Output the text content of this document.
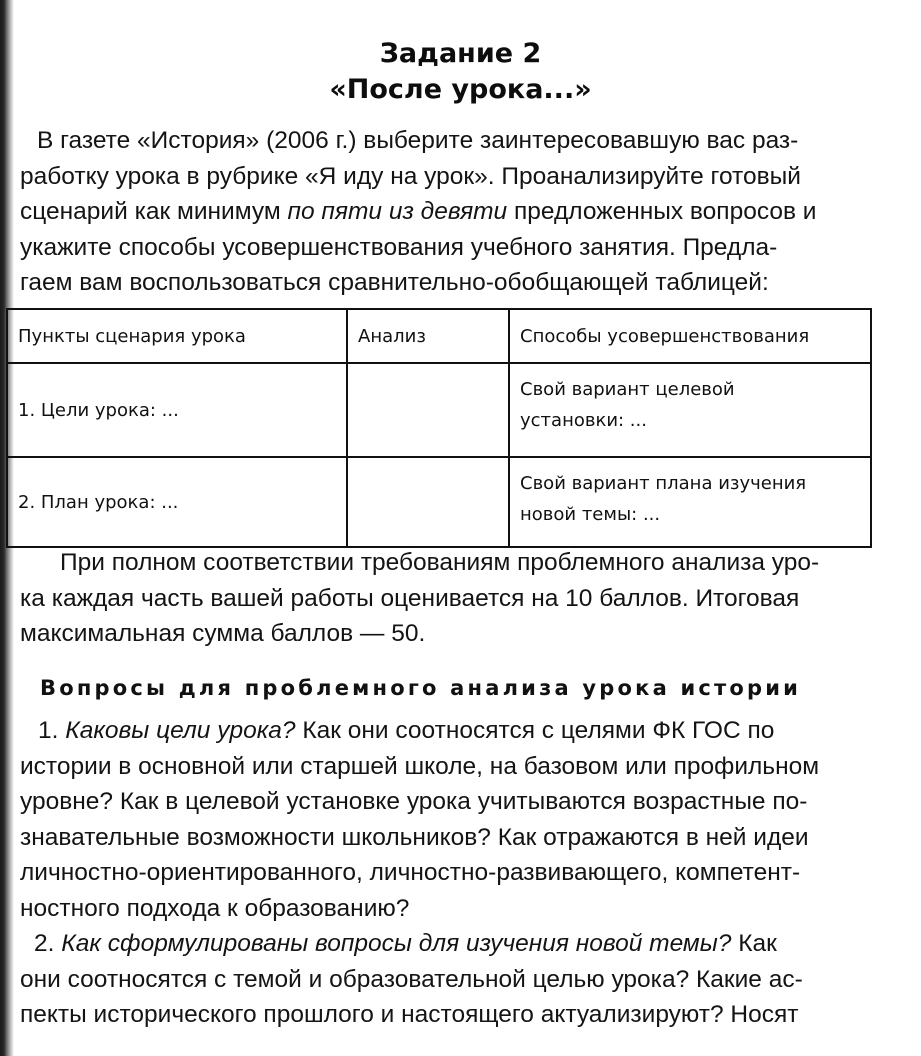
Задание 2
«После урока...»
В газете «История» (2006 г.) выберите заинтересовавшую вас раз-
работку урока в рубрике «Я иду на урок». Проанализируйте готовый
сценарий как минимум по пяти из девяти предложенных вопросов и
укажите способы усовершенствования учебного занятия. Предла-
гаем вам воспользоваться сравнительно-обобщающей таблицей:
Пункты сценария урока	Анализ	Способы усовершенствования
1. Цели урока: ...		Свой вариант целевой
установки: ...

2. План урока: ...		Свой вариант плана изучения
новой темы: ...
При полном соответствии требованиям проблемного анализа уро-
ка каждая часть вашей работы оценивается на 10 баллов. Итоговая
максимальная сумма баллов — 50.
Вопросы для проблемного анализа урока истории
1. Каковы цели урока? Как они соотносятся с целями ФК ГОС по
истории в основной или старшей школе, на базовом или профильном
уровне? Как в целевой установке урока учитываются возрастные по-
знавательные возможности школьников? Как отражаются в ней идеи
личностно-ориентированного, личностно-развивающего, компетент-
ностного подхода к образованию?
2. Как сформулированы вопросы для изучения новой темы? Как
они соотносятся с темой и образовательной целью урока? Какие ас-
пекты исторического прошлого и настоящего актуализируют? Носят
